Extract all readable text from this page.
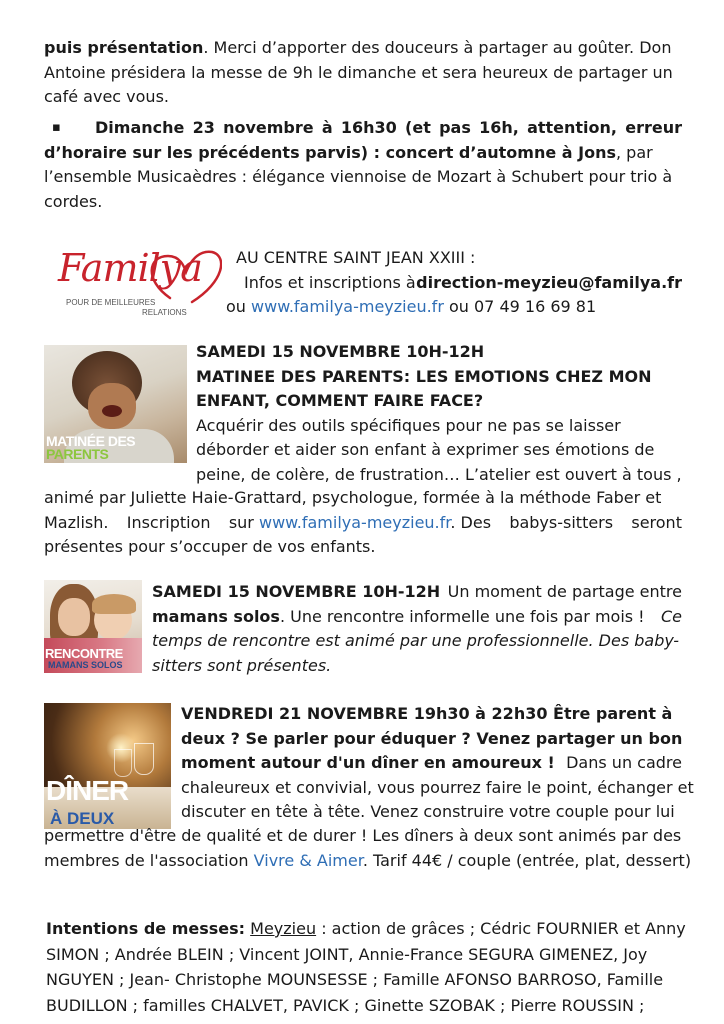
puis présentation. Merci d’apporter des douceurs à partager au goûter. Don
Antoine présidera la messe de 9h le dimanche et sera heureux de partager un
café avec vous.
▪	Dimanche 23 novembre à 16h30 (et pas 16h, attention, erreur
d’horaire sur les précédents parvis) : concert d’automne à Jons, par
l’ensemble Musicaèdres : élégance viennoise de Mozart à Schubert pour trio à
cordes.
Familya
POUR DE MEILLEURES
RELATIONS
AU CENTRE SAINT JEAN XXIII :
Infos et inscriptions à direction-meyzieu@familya.fr
ou www.familya-meyzieu.fr ou 07 49 16 69 81
MATINÉE DES
PARENTS
SAMEDI 15 NOVEMBRE 10H-12H
MATINEE DES PARENTS: LES EMOTIONS CHEZ MON
ENFANT, COMMENT FAIRE FACE?
Acquérir des outils spécifiques pour ne pas se laisser
déborder et aider son enfant à exprimer ses émotions de
peine, de colère, de frustration… L’atelier est ouvert à tous ,
animé par Juliette Haie-Grattard, psychologue, formée à la méthode Faber et
Mazlish. Inscription sur www.familya-meyzieu.fr. Des babys-sitters seront
présentes pour s’occuper de vos enfants.
RENCONTRE
MAMANS SOLOS
SAMEDI 15 NOVEMBRE 10H-12H Un moment de partage entre
mamans solos. Une rencontre informelle une fois par mois ! Ce
temps de rencontre est animé par une professionnelle. Des baby-
sitters sont présentes.
DÎNER
À DEUX
VENDREDI 21 NOVEMBRE 19h30 à 22h30 Être parent à
deux ? Se parler pour éduquer ? Venez partager un bon
moment autour d'un dîner en amoureux ! Dans un cadre
chaleureux et convivial, vous pourrez faire le point, échanger et
discuter en tête à tête. Venez construire votre couple pour lui
permettre d'être de qualité et de durer ! Les dîners à deux sont animés par des
membres de l'association Vivre & Aimer. Tarif 44€ / couple (entrée, plat, dessert)
Intentions de messes: Meyzieu : action de grâces ; Cédric FOURNIER et Anny
SIMON ; Andrée BLEIN ; Vincent JOINT, Annie-France SEGURA GIMENEZ, Joy
NGUYEN ; Jean- Christophe MOUNSESSE ; Famille AFONSO BARROSO, Famille
BUDILLON ; familles CHALVET, PAVICK ; Ginette SZOBAK ; Pierre ROUSSIN ;
